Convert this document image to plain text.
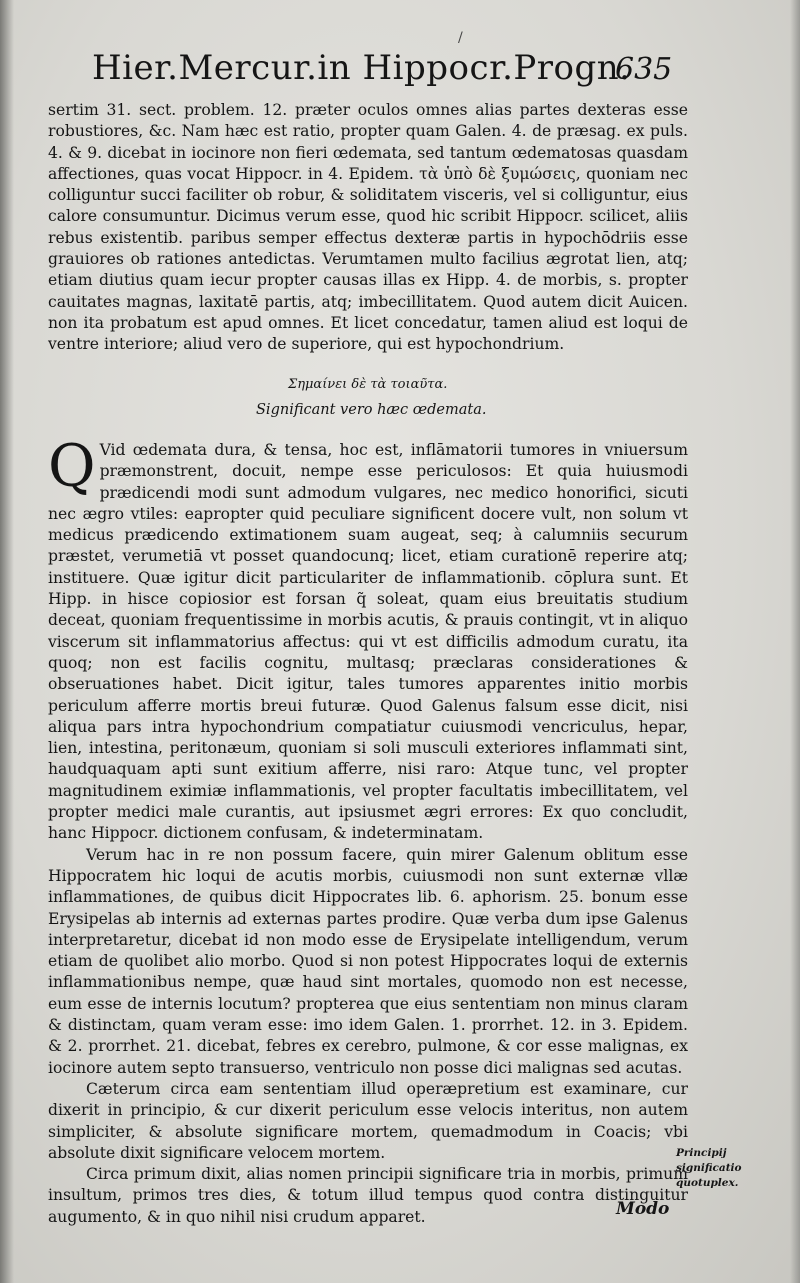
/
Hier.Mercur.in Hippocr.Progn.
635

sertim 31. sect. problem. 12. præter oculos omnes alias partes dexteras esse robustiores, &c. Nam hæc est ratio, propter quam Galen. 4. de præsag. ex puls. 4. & 9. dicebat in iocinore non fieri œdemata, sed tantum œdematosas quasdam affectiones, quas vocat Hippocr. in 4. Epidem. τὰ ὑπὸ δὲ ξυμώσεις, quoniam nec colliguntur succi faciliter ob robur, & soliditatem visceris, vel si colliguntur, eius calore consumuntur. Dicimus verum esse, quod hic scribit Hippocr. scilicet, aliis rebus existentib. paribus semper effectus dexteræ partis in hypochōdriis esse grauiores ob rationes antedictas. Verumtamen multo facilius ægrotat lien, atq; etiam diutius quam iecur propter causas illas ex Hipp. 4. de morbis, s. propter cauitates magnas, laxitatē partis, atq; imbecillitatem. Quod autem dicit Auicen. non ita probatum est apud omnes. Et licet concedatur, tamen aliud est loqui de ventre interiore; aliud vero de superiore, qui est hypochondrium.

Σημαίνει δὲ τὰ τοιαῦτα.
Significant vero hæc œdemata.

Q Vid œdemata dura, & tensa, hoc est, inflāmatorii tumores in vniuersum præmonstrent, docuit, nempe esse periculosos: Et quia huiusmodi prædicendi modi sunt admodum vulgares, nec medico honorifici, sicuti nec ægro vtiles: eapropter quid peculiare significent docere vult, non solum vt medicus prædicendo extimationem suam augeat, seq; à calumniis securum præstet, verumetiā vt posset quandocunq; licet, etiam curationē reperire atq; instituere. Quæ igitur dicit particulariter de inflammationib. cōplura sunt. Et Hipp. in hisce copiosior est forsan q̃ soleat, quam eius breuitatis studium deceat, quoniam frequentissime in morbis acutis, & prauis contingit, vt in aliquo viscerum sit inflammatorius affectus: qui vt est difficilis admodum curatu, ita quoq; non est facilis cognitu, multasq; præclaras considerationes & obseruationes habet. Dicit igitur, tales tumores apparentes initio morbis periculum afferre mortis breui futuræ. Quod Galenus falsum esse dicit, nisi aliqua pars intra hypochondrium compatiatur cuiusmodi vencriculus, hepar, lien, intestina, peritonæum, quoniam si soli musculi exteriores inflammati sint, haudquaquam apti sunt exitium afferre, nisi raro: Atque tunc, vel propter magnitudinem eximiæ inflammationis, vel propter facultatis imbecillitatem, vel propter medici male curantis, aut ipsiusmet ægri errores: Ex quo concludit, hanc Hippocr. dictionem confusam, & indeterminatam.

Verum hac in re non possum facere, quin mirer Galenum oblitum esse Hippocratem hic loqui de acutis morbis, cuiusmodi non sunt externæ vllæ inflammationes, de quibus dicit Hippocrates lib. 6. aphorism. 25. bonum esse Erysipelas ab internis ad externas partes prodire. Quæ verba dum ipse Galenus interpretaretur, dicebat id non modo esse de Erysipelate intelligendum, verum etiam de quolibet alio morbo. Quod si non potest Hippocrates loqui de externis inflammationibus nempe, quæ haud sint mortales, quomodo non est necesse, eum esse de internis locutum? propterea que eius sententiam non minus claram & distinctam, quam veram esse: imo idem Galen. 1. prorrhet. 12. in 3. Epidem. & 2. prorrhet. 21. dicebat, febres ex cerebro, pulmone, & cor esse malignas, ex iocinore autem septo transuerso, ventriculo non posse dici malignas sed acutas.

Cæterum circa eam sententiam illud operæpretium est examinare, cur dixerit in principio, & cur dixerit periculum esse velocis interitus, non autem simpliciter, & absolute significare mortem, quemadmodum in Coacis; vbi absolute dixit significare velocem mortem.

Circa primum dixit, alias nomen principii significare tria in morbis, primum insultum, primos tres dies, & totum illud tempus quod contra distinguitur augumento, & in quo nihil nisi crudum apparet.

Principij significatio quotuplex.
Modo
